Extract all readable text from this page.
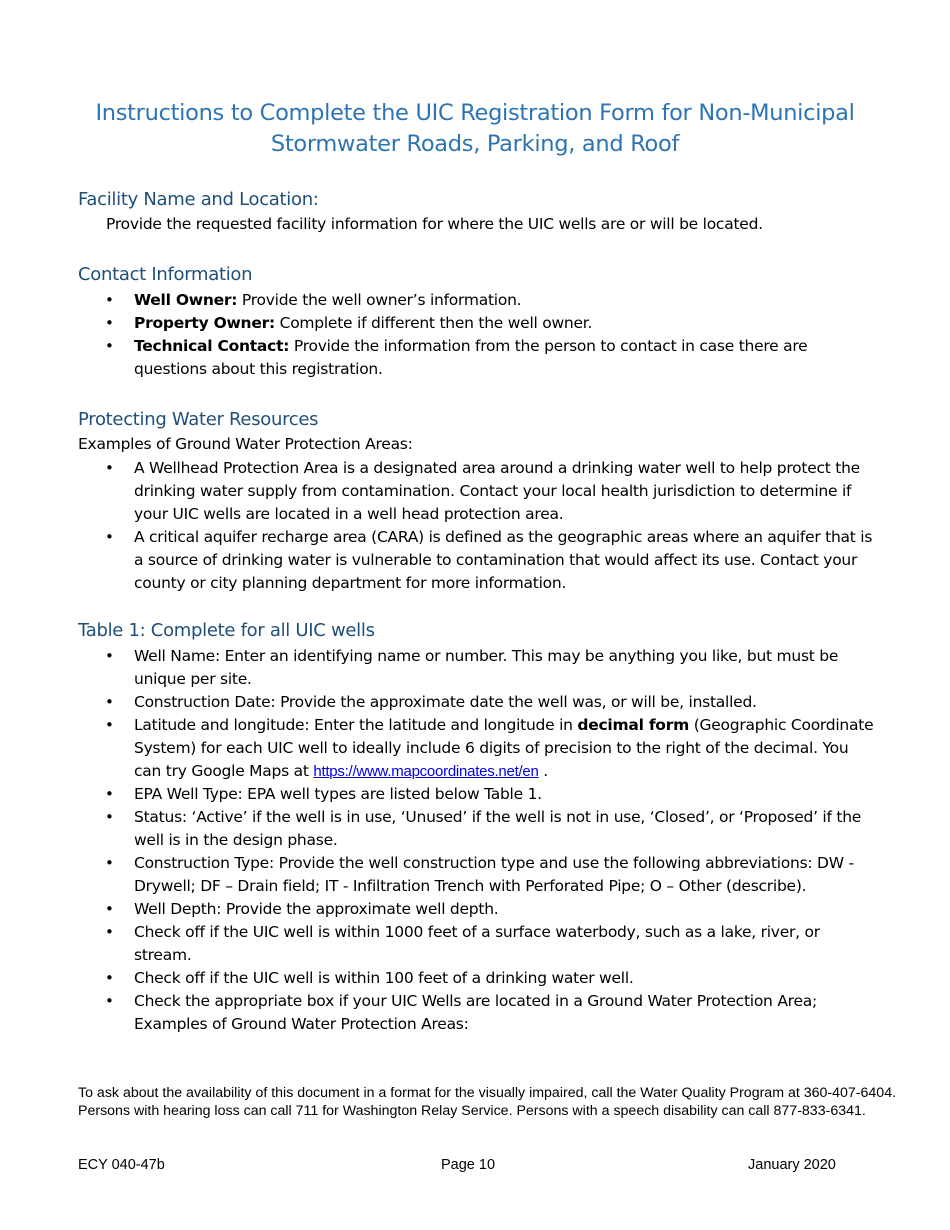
Instructions to Complete the UIC Registration Form for Non-Municipal
Stormwater Roads, Parking, and Roof
Facility Name and Location:

Provide the requested facility information for where the UIC wells are or will be located.

Contact Information
• Well Owner: Provide the well owner’s information.
• Property Owner: Complete if different then the well owner.
• Technical Contact: Provide the information from the person to contact in case there are questions about this registration.
Protecting Water Resources

Examples of Ground Water Protection Areas:

• A Wellhead Protection Area is a designated area around a drinking water well to help protect the drinking water supply from contamination. Contact your local health jurisdiction to determine if your UIC wells are located in a well head protection area.
• A critical aquifer recharge area (CARA) is defined as the geographic areas where an aquifer that is a source of drinking water is vulnerable to contamination that would affect its use. Contact your county or city planning department for more information.
Table 1: Complete for all UIC wells
• Well Name: Enter an identifying name or number. This may be anything you like, but must be unique per site.
• Construction Date: Provide the approximate date the well was, or will be, installed.
• Latitude and longitude: Enter the latitude and longitude in decimal form (Geographic Coordinate System) for each UIC well to ideally include 6 digits of precision to the right of the decimal. You can try Google Maps at https://www.mapcoordinates.net/en .
• EPA Well Type: EPA well types are listed below Table 1.
• Status: ‘Active’ if the well is in use, ‘Unused’ if the well is not in use, ‘Closed’, or ‘Proposed’ if the well is in the design phase.
• Construction Type: Provide the well construction type and use the following abbreviations: DW - Drywell; DF – Drain field; IT - Infiltration Trench with Perforated Pipe; O – Other (describe).
• Well Depth: Provide the approximate well depth.
• Check off if the UIC well is within 1000 feet of a surface waterbody, such as a lake, river, or stream.
• Check off if the UIC well is within 100 feet of a drinking water well.
• Check the appropriate box if your UIC Wells are located in a Ground Water Protection Area; Examples of Ground Water Protection Areas:

To ask about the availability of this document in a format for the visually impaired, call the Water Quality Program at 360-407-6404. Persons with hearing loss can call 711 for Washington Relay Service. Persons with a speech disability can call 877-833-6341.

ECY 040-47b	Page 10	January 2020
